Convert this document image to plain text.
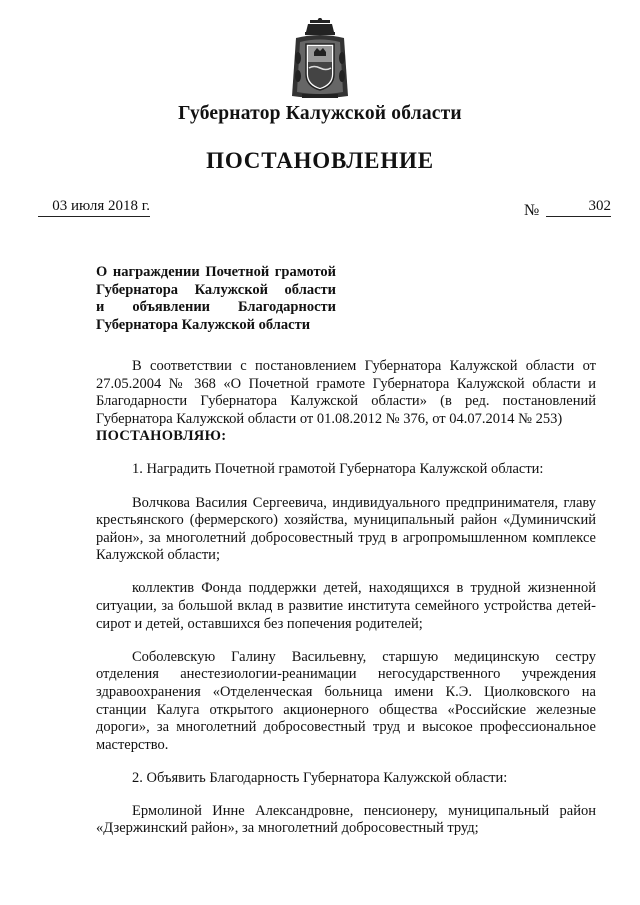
Губернатор Калужской области
ПОСТАНОВЛЕНИЕ
03 июля 2018 г.	№	302
О награждении Почетной грамотой
Губернатора Калужской области
и объявлении Благодарности
Губернатора Калужской области

В соответствии с постановлением Губернатора Калужской области от 27.05.2004 № 368 «О Почетной грамоте Губернатора Калужской области и Благодарности Губернатора Калужской области» (в ред. постановлений Губернатора Калужской области от 01.08.2012 № 376, от 04.07.2014 № 253)

ПОСТАНОВЛЯЮ:

1. Наградить Почетной грамотой Губернатора Калужской области:

Волчкова Василия Сергеевича, индивидуального предпринимателя, главу крестьянского (фермерского) хозяйства, муниципальный район «Думиничский район», за многолетний добросовестный труд в агропромышленном комплексе Калужской области;

коллектив Фонда поддержки детей, находящихся в трудной жизненной ситуации, за большой вклад в развитие института семейного устройства детей-сирот и детей, оставшихся без попечения родителей;

Соболевскую Галину Васильевну, старшую медицинскую сестру отделения анестезиологии-реанимации негосударственного учреждения здравоохранения «Отделенческая больница имени К.Э. Циолковского на станции Калуга открытого акционерного общества «Российские железные дороги», за многолетний добросовестный труд и высокое профессиональное мастерство.

2. Объявить Благодарность Губернатора Калужской области:

Ермолиной Инне Александровне, пенсионеру, муниципальный район «Дзержинский район», за многолетний добросовестный труд;
